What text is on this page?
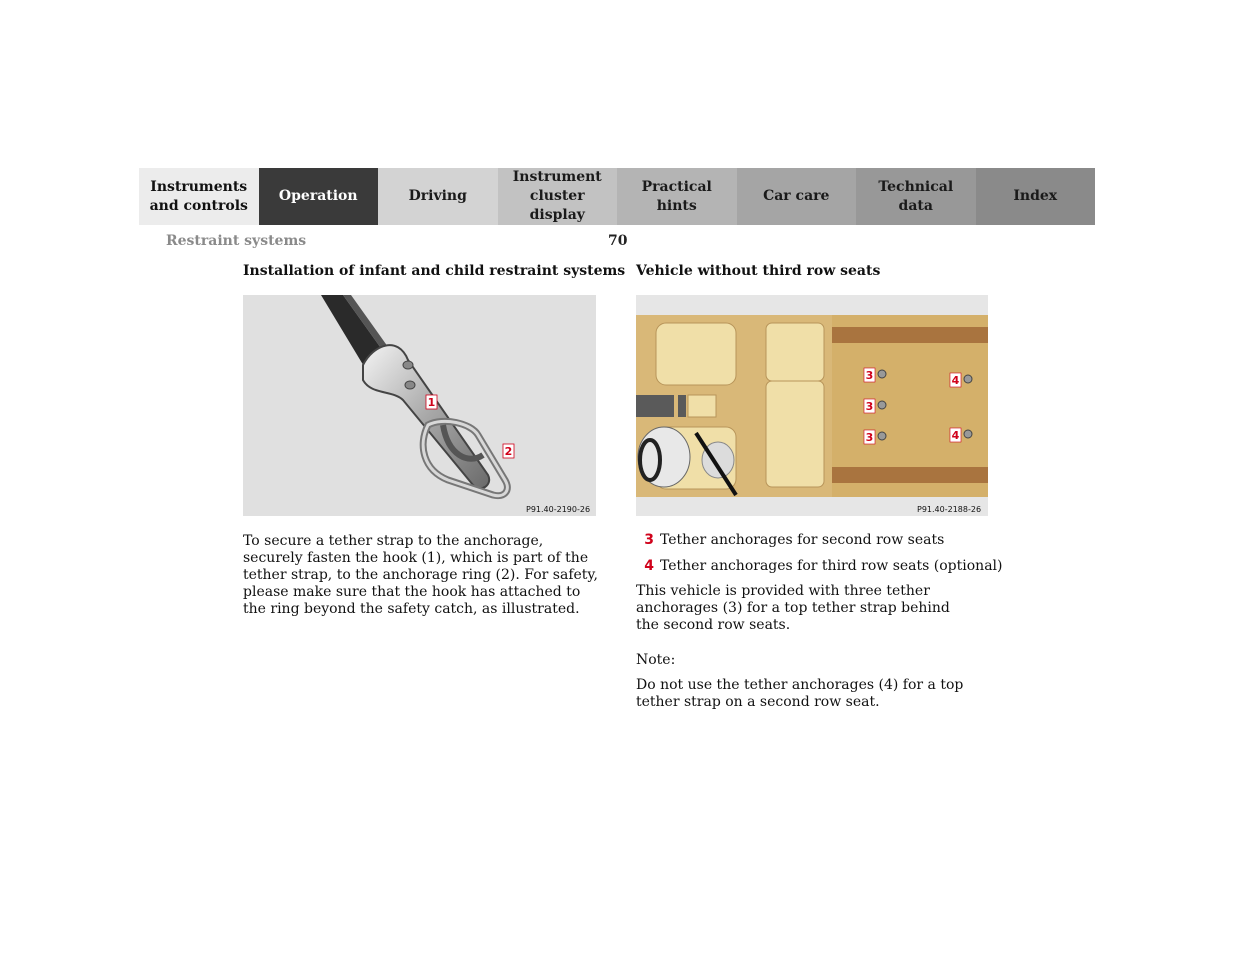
Instruments
and controls
Operation	Driving
Instrument
cluster display
Practical hints
Car care
Technical
data
Index
Restraint systems	70
Installation of infant and child restraint systems Vehicle without third row seats
1
2
P91.40-2190-26
3
3
3
4
4
P91.40-2188-26
To secure a tether strap to the anchorage, securely fasten the hook (1), which is part of the tether strap, to the anchorage ring (2). For safety, please make sure that the hook has attached to the ring beyond the safety catch, as illustrated.
3 Tether anchorages for second row seats
4 Tether anchorages for third row seats (optional)
This vehicle is provided with three tether anchorages (3) for a top tether strap behind the second row seats.
Note:
Do not use the tether anchorages (4) for a top tether strap on a second row seat.
